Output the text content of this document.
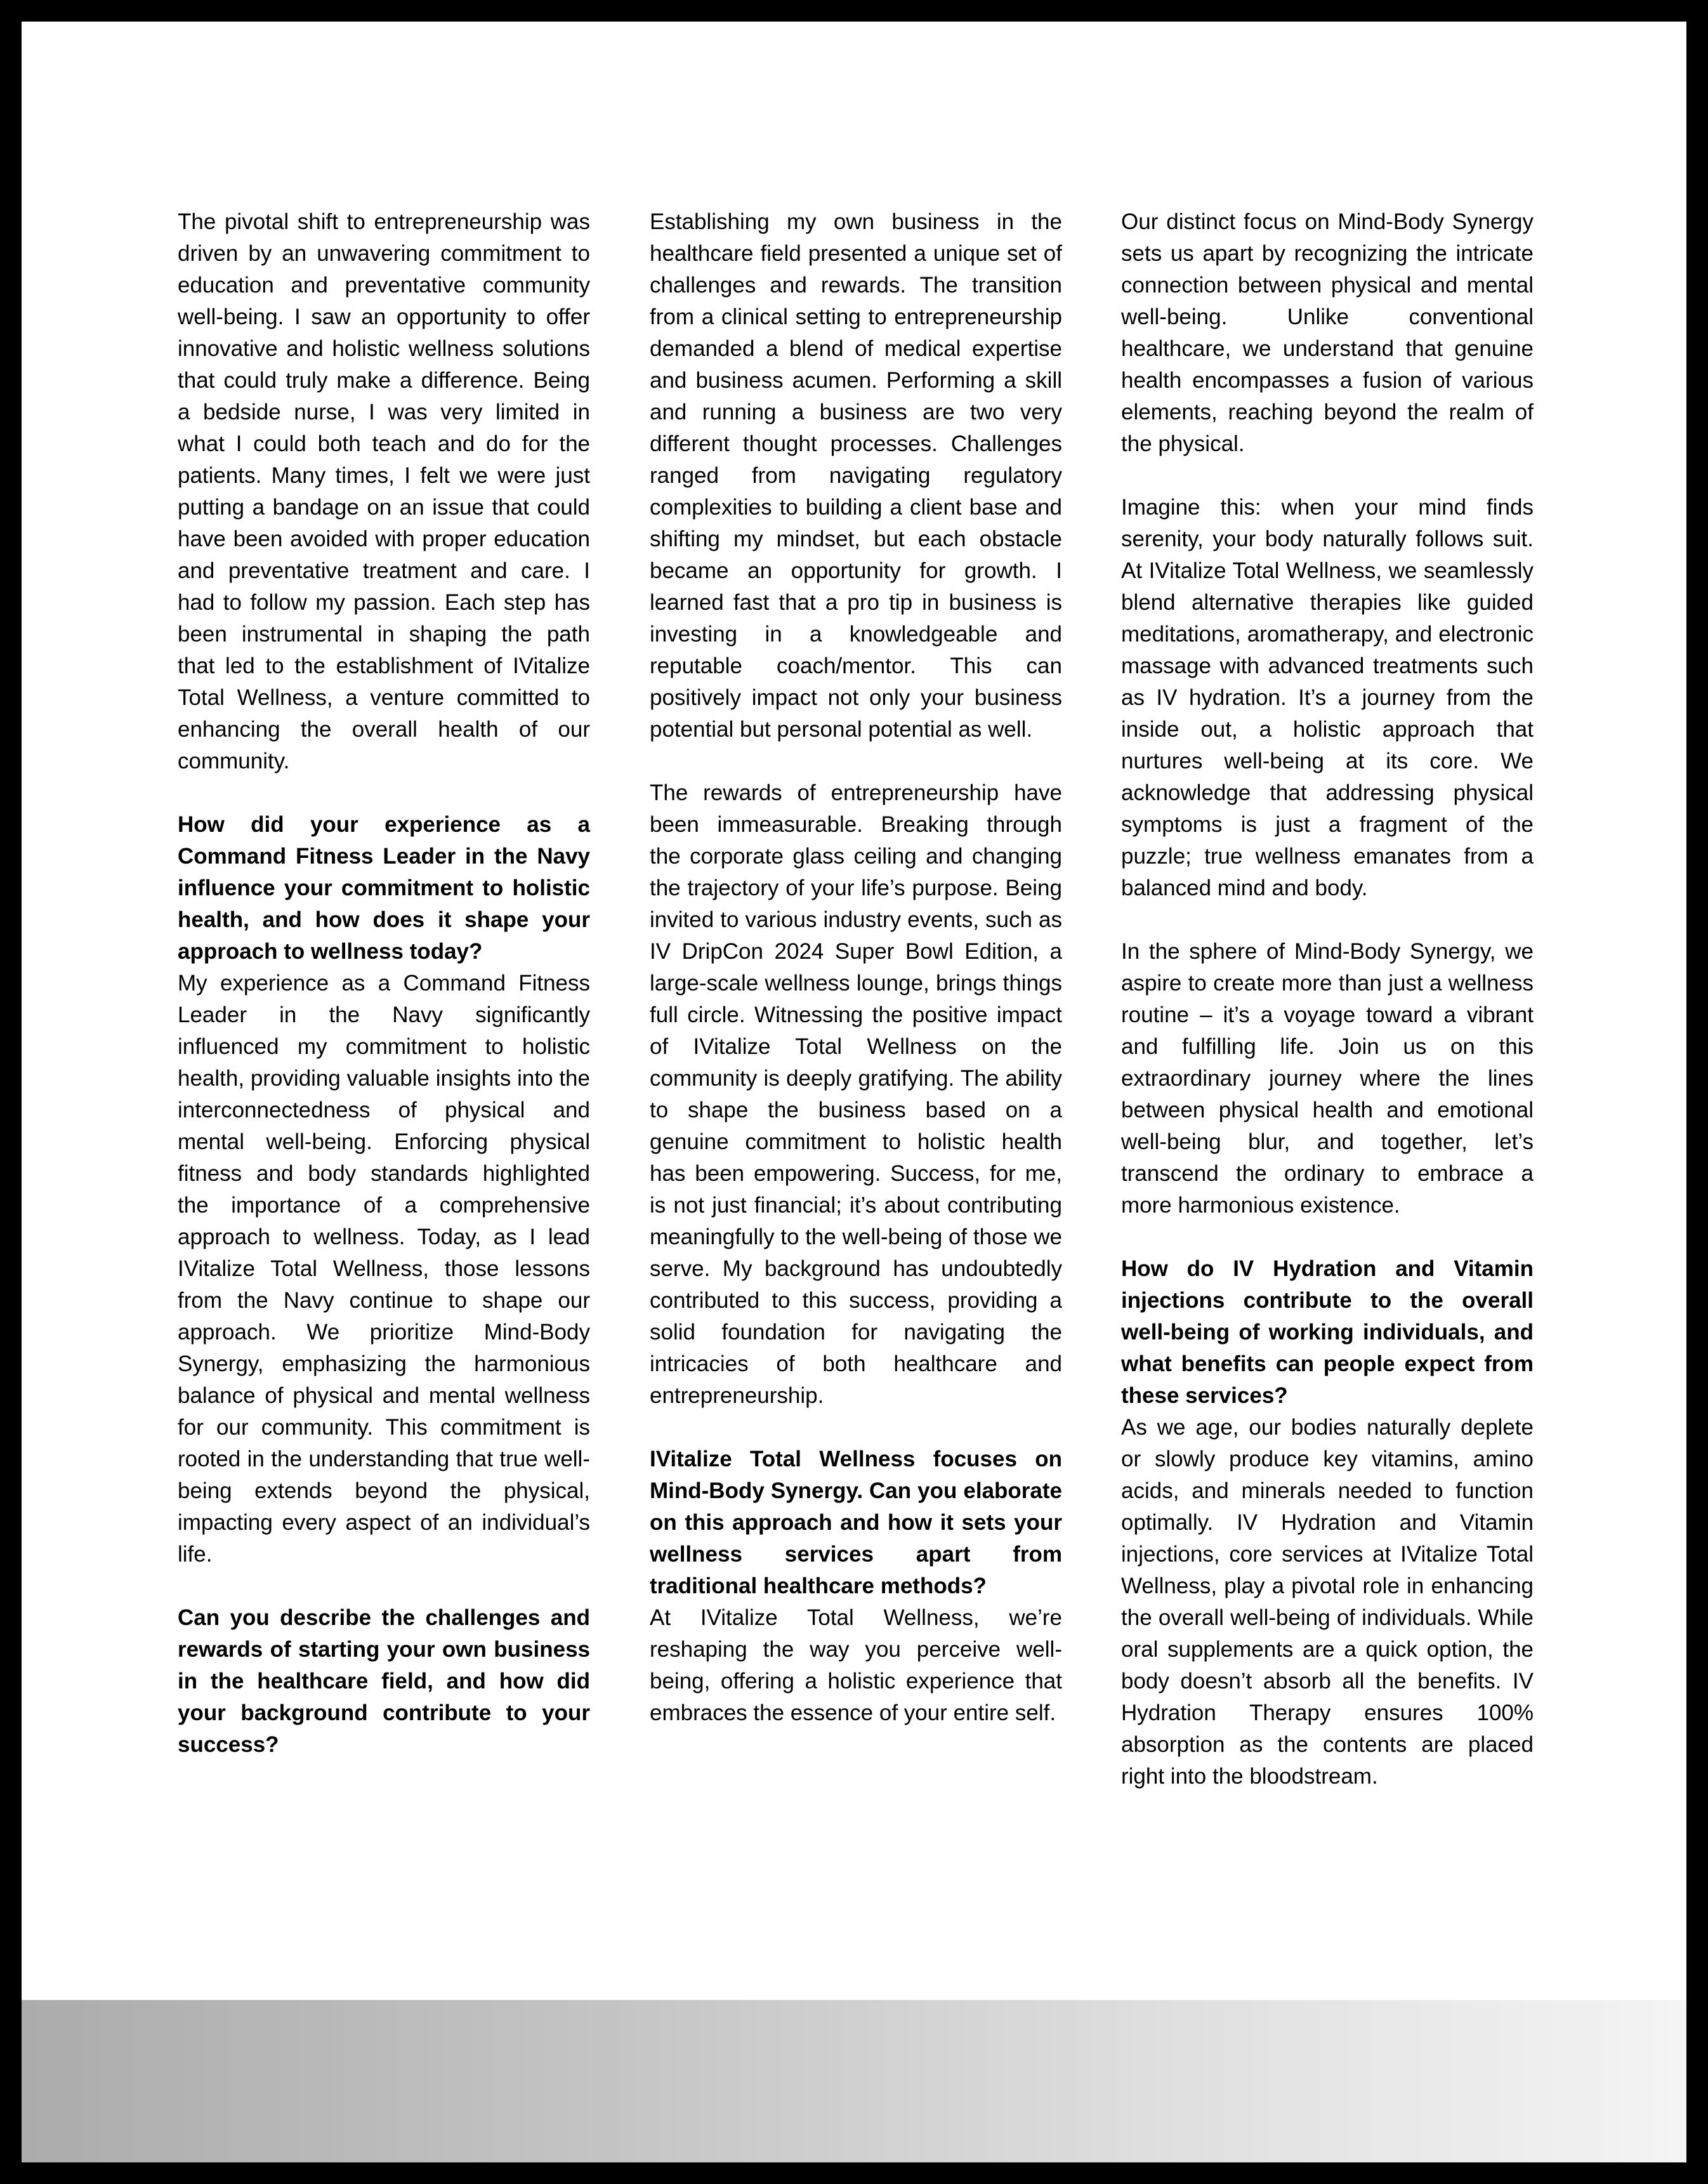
The pivotal shift to entrepreneurship was driven by an unwavering commitment to education and preventative community well-being. I saw an opportunity to offer innovative and holistic wellness solutions that could truly make a difference. Being a bedside nurse, I was very limited in what I could both teach and do for the patients. Many times, I felt we were just putting a bandage on an issue that could have been avoided with proper education and preventative treatment and care. I had to follow my passion. Each step has been instrumental in shaping the path that led to the establishment of IVitalize Total Wellness, a venture committed to enhancing the overall health of our community.

How did your experience as a Command Fitness Leader in the Navy influence your commitment to holistic health, and how does it shape your approach to wellness today?

My experience as a Command Fitness Leader in the Navy significantly influenced my commitment to holistic health, providing valuable insights into the interconnectedness of physical and mental well-being. Enforcing physical fitness and body standards highlighted the importance of a comprehensive approach to wellness. Today, as I lead IVitalize Total Wellness, those lessons from the Navy continue to shape our approach. We prioritize Mind-Body Synergy, emphasizing the harmonious balance of physical and mental wellness for our community. This commitment is rooted in the understanding that true well-being extends beyond the physical, impacting every aspect of an individual’s life.

Can you describe the challenges and rewards of starting your own business in the healthcare field, and how did your background contribute to your success?

Establishing my own business in the healthcare field presented a unique set of challenges and rewards. The transition from a clinical setting to entrepreneurship demanded a blend of medical expertise and business acumen. Performing a skill and running a business are two very different thought processes. Challenges ranged from navigating regulatory complexities to building a client base and shifting my mindset, but each obstacle became an opportunity for growth. I learned fast that a pro tip in business is investing in a knowledgeable and reputable coach/mentor. This can positively impact not only your business potential but personal potential as well.

The rewards of entrepreneurship have been immeasurable. Breaking through the corporate glass ceiling and changing the trajectory of your life’s purpose. Being invited to various industry events, such as IV DripCon 2024 Super Bowl Edition, a large-scale wellness lounge, brings things full circle. Witnessing the positive impact of IVitalize Total Wellness on the community is deeply gratifying. The ability to shape the business based on a genuine commitment to holistic health has been empowering. Success, for me, is not just financial; it’s about contributing meaningfully to the well-being of those we serve. My background has undoubtedly contributed to this success, providing a solid foundation for navigating the intricacies of both healthcare and entrepreneurship.

IVitalize Total Wellness focuses on Mind-Body Synergy. Can you elaborate on this approach and how it sets your wellness services apart from traditional healthcare methods?

At IVitalize Total Wellness, we’re reshaping the way you perceive well-being, offering a holistic experience that embraces the essence of your entire self.

Our distinct focus on Mind-Body Synergy sets us apart by recognizing the intricate connection between physical and mental well-being. Unlike conventional healthcare, we understand that genuine health encompasses a fusion of various elements, reaching beyond the realm of the physical.

Imagine this: when your mind finds serenity, your body naturally follows suit. At IVitalize Total Wellness, we seamlessly blend alternative therapies like guided meditations, aromatherapy, and electronic massage with advanced treatments such as IV hydration. It’s a journey from the inside out, a holistic approach that nurtures well-being at its core. We acknowledge that addressing physical symptoms is just a fragment of the puzzle; true wellness emanates from a balanced mind and body.

In the sphere of Mind-Body Synergy, we aspire to create more than just a wellness routine – it’s a voyage toward a vibrant and fulfilling life. Join us on this extraordinary journey where the lines between physical health and emotional well-being blur, and together, let’s transcend the ordinary to embrace a more harmonious existence.

How do IV Hydration and Vitamin injections contribute to the overall well-being of working individuals, and what benefits can people expect from these services?

As we age, our bodies naturally deplete or slowly produce key vitamins, amino acids, and minerals needed to function optimally. IV Hydration and Vitamin injections, core services at IVitalize Total Wellness, play a pivotal role in enhancing the overall well-being of individuals. While oral supplements are a quick option, the body doesn’t absorb all the benefits. IV Hydration Therapy ensures 100% absorption as the contents are placed right into the bloodstream.
